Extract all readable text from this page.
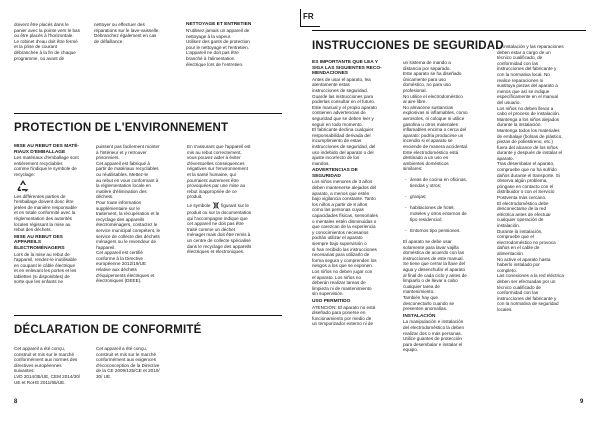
doivent être placés dans le
panier avec la pointe vers le bas
ou être placés à l'horizontale.
Le robinet d'eau doit être fermé
et la prise de courant
débranchée à la fin de chaque
programme, ou avant de
nettoyer ou effectuer des
réparations sur le lave-vaisselle.
Débranchez également en cas
de défaillance.
NETTOYAGE ET ENTRETIEN
N'utilisez jamais un appareil de
nettoyage à la vapeur.
Utilisez des gants de protection
pour le nettoyage et l'entretien.
L'appareil ne doit pas être
branché à l'alimentation
électrique lors de l'entretien.
PROTECTION DE L'ENVIRONNEMENT
MISE AU REBUT DES MATÉ-
RIAUX D'EMBALLAGE
Les matériaux d'emballage sont
entièrement recyclables
comme l'indique le symbole de
recyclage:
Les différentes parties de
l'emballage doivent donc être
jetées de manière responsable
et en totale conformité avec la
réglementation des autorités
locales régissant la mise au
rebut des déchets.
MISE AU REBUT DES
APPAREILS
ÉLECTROMÉNAGERS
Lors de la mise au rebut de
l'appareil, rendez-le inutilisable
en coupant le câble électrique
et en enlevant les portes et les
tablettes (si disponibles) de
sorte que les enfants ne
puissent pas facilement monter
à l'intérieur et y retrouver
prisonniers.
Cet appareil est fabriqué à
partir de matériaux recyclables
ou réutilisables. Mettez-le
au rebut en vous conformant à
la réglementation locale en
matière d'élimination des
déchets.
Pour toute information
supplémentaire sur le
traitement, la récupération et le
recyclage des appareils
électroménagers, contactez le
service municipal compétent, le
service de collecte des déchets
ménagers ou le revendeur de
l'appareil.
Cet appareil est certifié
conforme à la Directive
européenne 2012/19/UE
relative aux déchets
d'équipements électriques et
électroniques (DEEE).
En s'assurant que l'appareil est
mis au rebut correctement,
vous pouvez aider à éviter
d'éventuelles conséquences
négatives sur l'environnement
et la santé humaine, qui
pourraient autrement être
provoquées par une mise au
rebut inappropriée de ce
produit.
Le symbole figurant sur le
produit ou sur la documentation
qui l'accompagne indique que
cet appareil ne doit pas être
traité comme un déchet
ménager mais doit être remis à
un centre de collecte spécialisé
dans le recyclage des appareils
électriques et électroniques.
DÉCLARATION DE CONFORMITÉ
Cet appareil a été conçu,
construit et mis sur le marché
conformément aux normes des
directives européennes
suivantes:
LVD 2014/35/UE, CEM 2014/30/
UE et RoHS 2011/65/UE.
Cet appareil a été conçu,
construit et mis sur le marché
conformément aux exigences
d'écoconception de la Directive
de la CE 2009/125/CE et 2010/
30/ UE.
8
FR
INSTRUCCIONES DE SEGURIDAD
ES IMPORTANTE QUE LEA Y
SIGA LAS SIGUIENTES RECO-
MENDACIONES
Antes de usar el aparato, lea
atentamente estas
instrucciones de seguridad.
Guarde las instrucciones para
poderlas consultar en el futuro.
Este manual y el propio aparato
contienen advertencias de
seguridad que se deben leer y
seguir en todo momento.
El fabricante declina cualquier
responsabilidad derivada del
incumplimiento de estas
instrucciones de seguridad, del
uso indebido del aparato o del
ajuste incorrecto de los
mandos.
ADVERTENCIAS DE
SEGURIDAD
Los niños menores de 3 años
deben mantenerse alejados del
aparato, a menos que estén
bajo vigilancia constante. Tanto
los niños a partir de 8 años
como las personas cuyas
capacidades físicas, sensoriales
o mentales estén disminuidas o
que carezcan de la experiencia
y conocimientos necesarios
podrán utilizar el aparato
siempre bajo supervisión o
si han recibido las instrucciones
necesarias para utilizarlo de
forma segura y comprenden los
riesgos a los que se exponen.
Los niños no deben jugar con
el aparato. Los niños no
deberán realizar tareas de
limpieza ni de mantenimiento
sin supervisión.
USO PERMITIDO
ATENCIÓN: El aparato no está
diseñado para ponerse en
funcionamiento por medio de
un temporizador externo ni de
un sistema de mando a
distancia por separado.
Este aparato se ha diseñado
únicamente para uso
doméstico, no para uso
profesional.
No utilice el electrodoméstico
al aire libre.
No almacene sustancias
explosivas ni inflamables, como
aerosoles, ni coloque ni utilice
gasolina u otros materiales
inflamables encima o cerca del
aparato: podría producirse un
incendio si el aparato se
enciende de manera accidental.
Este electrodoméstico está
destinado a un uso en
ambientes domésticos
similares:

- áreas de cocina en oficinas,
tiendas y otros;

- granjas;

- habitaciones de hotel,
moteles y otros entornos de
tipo residencial;

- Entornos tipo pensiones.

El aparato se debe usar
solamente para lavar vajilla
doméstica de acuerdo con las
instrucciones de este manual.
Se tiene que cerrar la llave del
agua y desenchufar el aparato
al final de cada ciclo y antes de
limpiarlo o de llevar a cabo
cualquier tarea de
mantenimiento.
También hay que
desconectarlo cuando se
presenten anomalías.
INSTALACIÓN
La manipulación e instalación
del electrodoméstico la deben
realizar dos o más personas.
Utilice guantes de protección
para desembalar e instalar el
equipo.
La instalación y las reparaciones
deben estar a cargo de un
técnico cualificado, de
conformidad con las
instrucciones del fabricante y
con la normativa local. No
realice reparaciones ni
sustituya piezas del aparato a
menos que así se indique
específicamente en el manual
del usuario.
Los niños no deben llevar a
cabo el proceso de instalación.
Mantenga a los niños alejados
durante la instalación.
Mantenga todos los materiales
de embalaje (bolsas de plástico,
piezas de poliestireno, etc.)
fuera del alcance de los niños
durante y después de instalar el
aparato.
Tras desembalar el aparato,
compruebe que no ha sufrido
daños durante el transporte. Si
observa algún problema,
póngase en contacto con el
distribuidor o con el Servicio
Postventa más cercano.
El electrodoméstico debe
desconectarse de la red
eléctrica antes de efectuar
cualquier operación de
instalación.
Durante la instalación,
compruebe que el
electrodoméstico no provoca
daños en el cable de
alimentación.
No active el aparato hasta
haberlo instalado por
completo.
Las conexiones a la red eléctrica
deben ser efectuadas por un
técnico cualificado de
conformidad con las
instrucciones del fabricante y
con la normativa de seguridad
locales.
9
